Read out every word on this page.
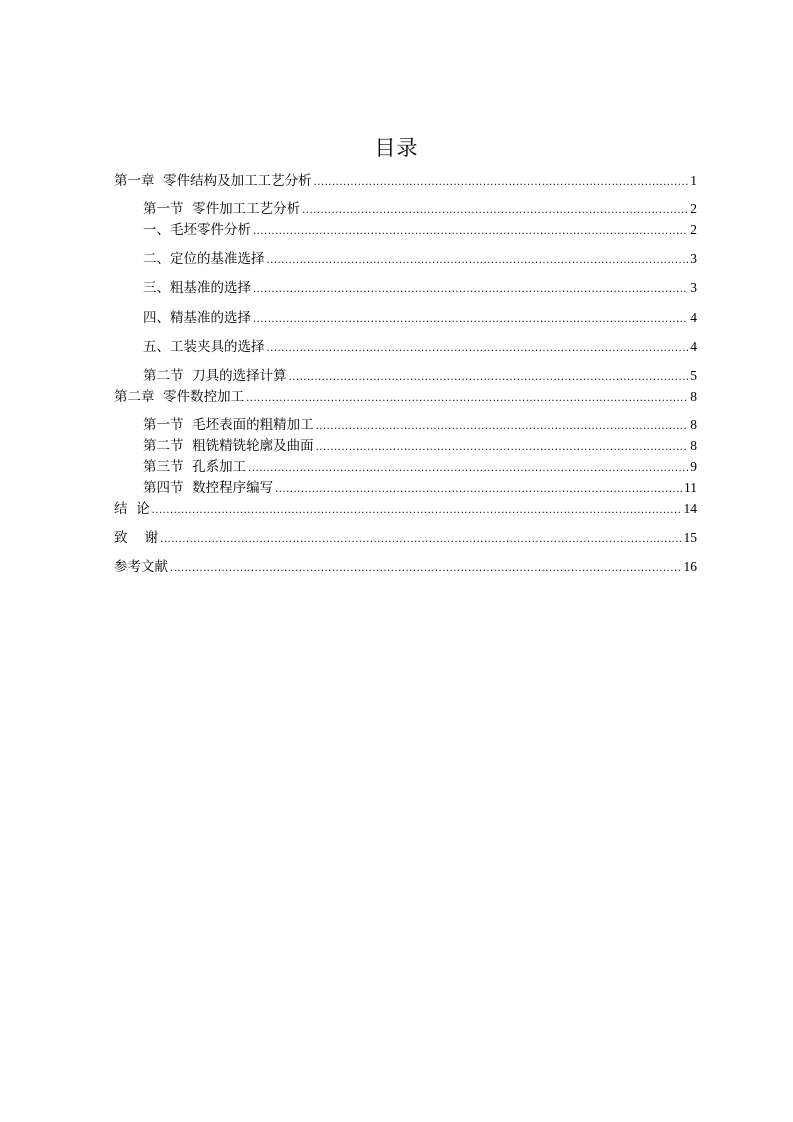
目录
第一章  零件结构及加工工艺分析 .....	1
第一节  零件加工工艺分析 .....	2
一、毛坯零件分析 .....	2
二、定位的基准选择 .....	3
三、粗基准的选择 .....	3
四、精基准的选择 .....	4
五、工装夹具的选择 .....	4
第二节  刀具的选择计算 .....	5
第二章  零件数控加工 .....	8
第一节  毛坯表面的粗精加工 .....	8
第二节  粗铣精铣轮廓及曲面 .....	8
第三节  孔系加工 .....	9
第四节  数控程序编写 .....	11
结  论 .....	14
致    谢 .....	15
参考文献 .....	16
